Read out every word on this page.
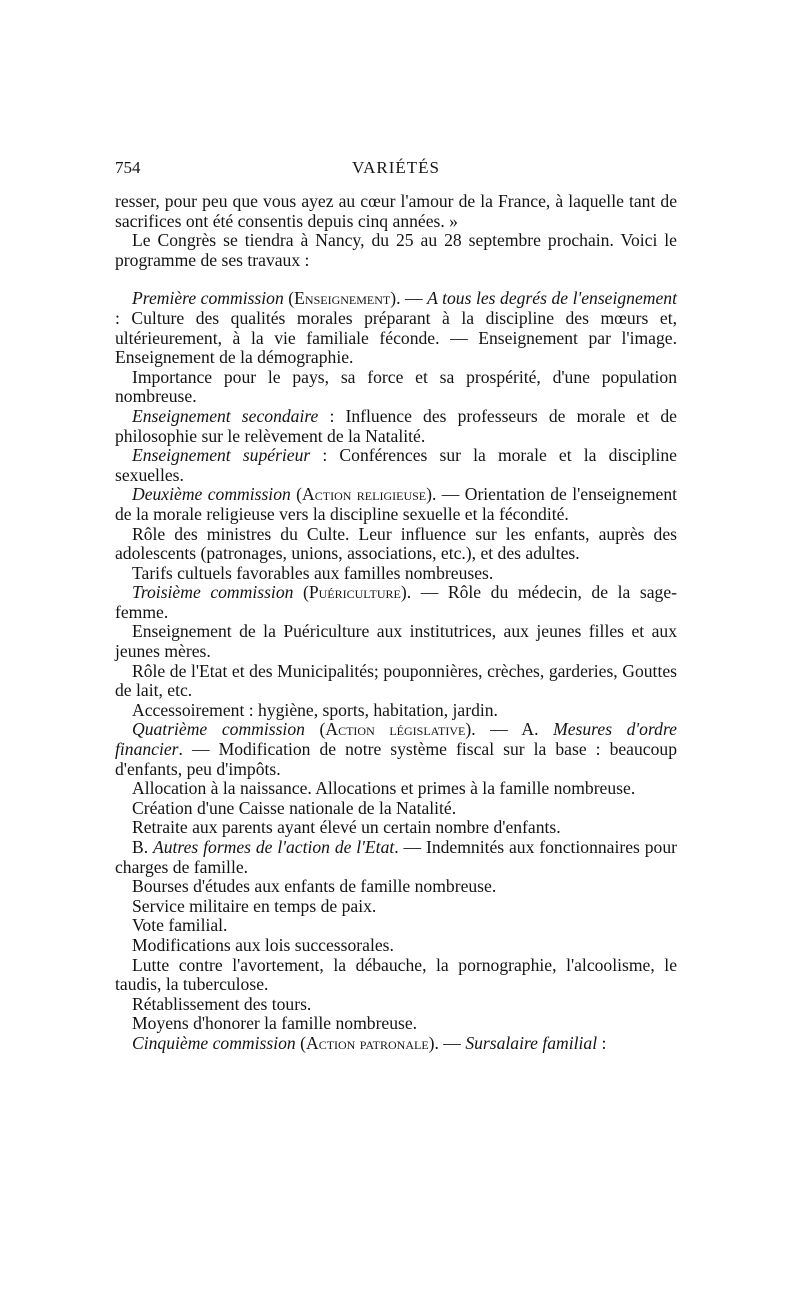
754	VARIÉTÉS

resser, pour peu que vous ayez au cœur l'amour de la France, à laquelle tant de sacrifices ont été consentis depuis cinq années. »

Le Congrès se tiendra à Nancy, du 25 au 28 septembre prochain. Voici le programme de ses travaux :

Première commission (Enseignement). — A tous les degrés de l'enseignement : Culture des qualités morales préparant à la discipline des mœurs et, ultérieurement, à la vie familiale féconde. — Enseignement par l'image. Enseignement de la démographie.

Importance pour le pays, sa force et sa prospérité, d'une population nombreuse.

Enseignement secondaire : Influence des professeurs de morale et de philosophie sur le relèvement de la Natalité.

Enseignement supérieur : Conférences sur la morale et la discipline sexuelles.

Deuxième commission (Action religieuse). — Orientation de l'enseignement de la morale religieuse vers la discipline sexuelle et la fécondité.

Rôle des ministres du Culte. Leur influence sur les enfants, auprès des adolescents (patronages, unions, associations, etc.), et des adultes.

Tarifs cultuels favorables aux familles nombreuses.

Troisième commission (Puériculture). — Rôle du médecin, de la sage-femme.

Enseignement de la Puériculture aux institutrices, aux jeunes filles et aux jeunes mères.

Rôle de l'Etat et des Municipalités; pouponnières, crèches, garderies, Gouttes de lait, etc.

Accessoirement : hygiène, sports, habitation, jardin.

Quatrième commission (Action législative). — A. Mesures d'ordre financier. — Modification de notre système fiscal sur la base : beaucoup d'enfants, peu d'impôts.

Allocation à la naissance. Allocations et primes à la famille nombreuse.

Création d'une Caisse nationale de la Natalité.

Retraite aux parents ayant élevé un certain nombre d'enfants.

B. Autres formes de l'action de l'Etat. — Indemnités aux fonctionnaires pour charges de famille.

Bourses d'études aux enfants de famille nombreuse.

Service militaire en temps de paix.

Vote familial.

Modifications aux lois successorales.

Lutte contre l'avortement, la débauche, la pornographie, l'alcoolisme, le taudis, la tuberculose.

Rétablissement des tours.

Moyens d'honorer la famille nombreuse.

Cinquième commission (Action patronale). — Sursalaire familial :
